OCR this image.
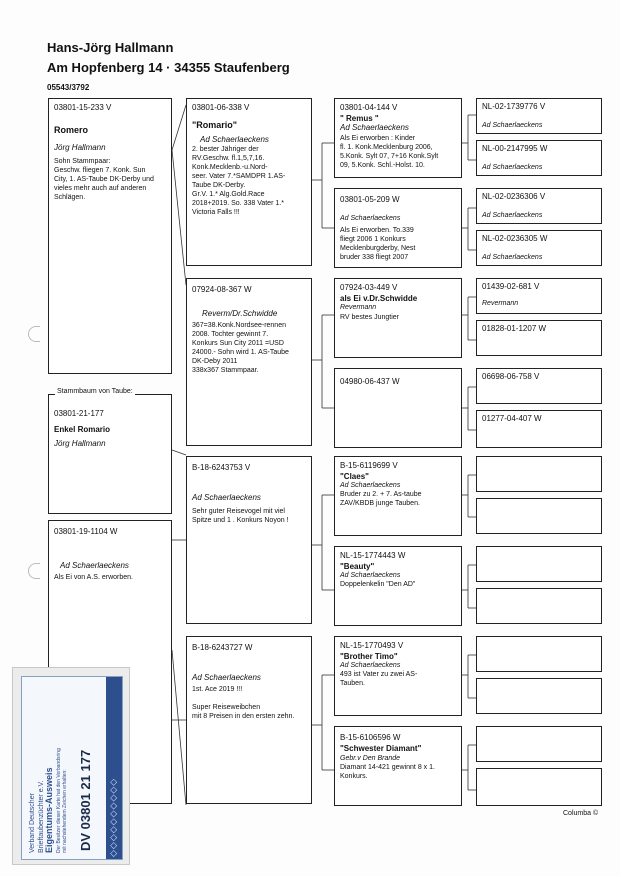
Hans-Jörg Hallmann
Am Hopfenberg 14 · 34355 Staufenberg
05543/3792
03801-15-233 V
Romero
Jörg Hallmann
Sohn Stammpaar:
Geschw. fliegen 7. Konk. Sun
City, 1. AS-Taube DK-Derby und
vieles mehr auch auf anderen
Schlägen.
03801-06-338 V
"Romario"
Ad Schaerlaeckens
2. bester Jähriger der
RV.Geschw. fl.1,5,7,16.
Konk.Mecklenb.-u.Nord-
seer. Vater 7.*SAMDPR 1.AS-
Taube DK-Derby.
Gr.V. 1.* Alg.Gold.Race
2018+2019. So. 338 Vater 1.*
Victoria Falls !!!
07924-08-367 W
Reverm/Dr.Schwidde
367=38.Konk.Nordsee-rennen
2008. Tochter gewinnt 7.
Konkurs Sun City 2011 =USD
24000.- Sohn wird 1. AS-Taube
DK-Deby 2011
338x367 Stammpaar.
03801-04-144 V
" Remus "
Ad Schaerlaeckens
Als Ei erworben : Kinder
fl. 1. Konk.Mecklenburg 2006,
5.Konk. Sylt 07, 7+16 Konk.Sylt
09, 5.Konk. Schl.-Holst. 10.
03801-05-209 W
Ad Schaerlaeckens
Als Ei erworben. To.339
fliegt 2006 1 Konkurs
Mecklenburgderby, Nest
bruder 338 fliegt 2007
07924-03-449 V
als Ei v.Dr.Schwidde
Revermann
RV bestes Jungtier
04980-06-437 W
NL-02-1739776 V
Ad Schaerlaeckens
NL-00-2147995 W
Ad Schaerlaeckens
NL-02-0236306 V
Ad Schaerlaeckens
NL-02-0236305 W
Ad Schaerlaeckens
01439-02-681 V
Revermann
01828-01-1207 W
06698-06-758 V
01277-04-407 W
03801-21-177
Enkel Romario
Jörg Hallmann
Stammbaum von Taube:
03801-19-1104 W
Ad Schaerlaeckens
Als Ei von A.S. erworben.
B-18-6243753 V
Ad Schaerlaeckens
Sehr guter Reisevogel mit viel
Spitze und 1 . Konkurs Noyon !
B-18-6243727 W
Ad Schaerlaeckens
1st. Ace 2019 !!!
Super Reiseweibchen
mit 8 Preisen in den ersten zehn.
B-15-6119699 V
"Claes"
Ad Schaerlaeckens
Bruder zu 2. + 7. As-taube
ZAV/KBDB junge Tauben.
NL-15-1774443 W
"Beauty"
Ad Schaerlaeckens
Doppelenkelin "Den AD"
NL-15-1770493 V
"Brother Timo"
Ad Schaerlaeckens
493 ist Vater zu zwei AS-
Tauben.
B-15-6106596 W
"Schwester Diamant"
Gebr.v Den Brande
Diamant 14-421 gewinnt 8 x 1.
Konkurs.
Verband Deutscher Brieftaubenzüchter e.V. Eigentums-Ausweis Der Besitzer dieser Karte hat den Verbandsring mit nachstehendem Zeichen erhalten: DV 03801 21 177 ◇◇◇◇◇◇◇◇◇◇	Columba ©
